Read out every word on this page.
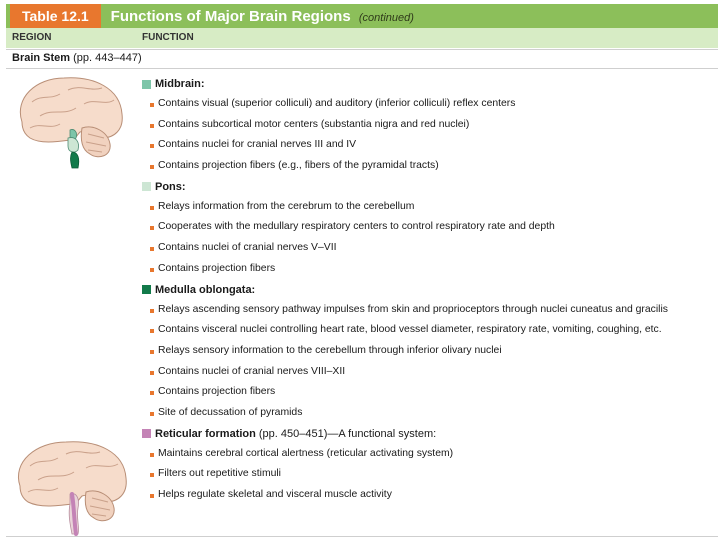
Table 12.1	Functions of Major Brain Regions (continued)
REGION	FUNCTION
Brain Stem (pp. 443–447)
Midbrain:
Contains visual (superior colliculi) and auditory (inferior colliculi) reflex centers
Contains subcortical motor centers (substantia nigra and red nuclei)
Contains nuclei for cranial nerves III and IV
Contains projection fibers (e.g., fibers of the pyramidal tracts)
Pons:
Relays information from the cerebrum to the cerebellum
Cooperates with the medullary respiratory centers to control respiratory rate and depth
Contains nuclei of cranial nerves V–VII
Contains projection fibers
Medulla oblongata:
Relays ascending sensory pathway impulses from skin and proprioceptors through nuclei cuneatus and gracilis
Contains visceral nuclei controlling heart rate, blood vessel diameter, respiratory rate, vomiting, coughing, etc.
Relays sensory information to the cerebellum through inferior olivary nuclei
Contains nuclei of cranial nerves VIII–XII
Contains projection fibers
Site of decussation of pyramids
Reticular formation (pp. 450–451)—A functional system:
Maintains cerebral cortical alertness (reticular activating system)
Filters out repetitive stimuli
Helps regulate skeletal and visceral muscle activity
